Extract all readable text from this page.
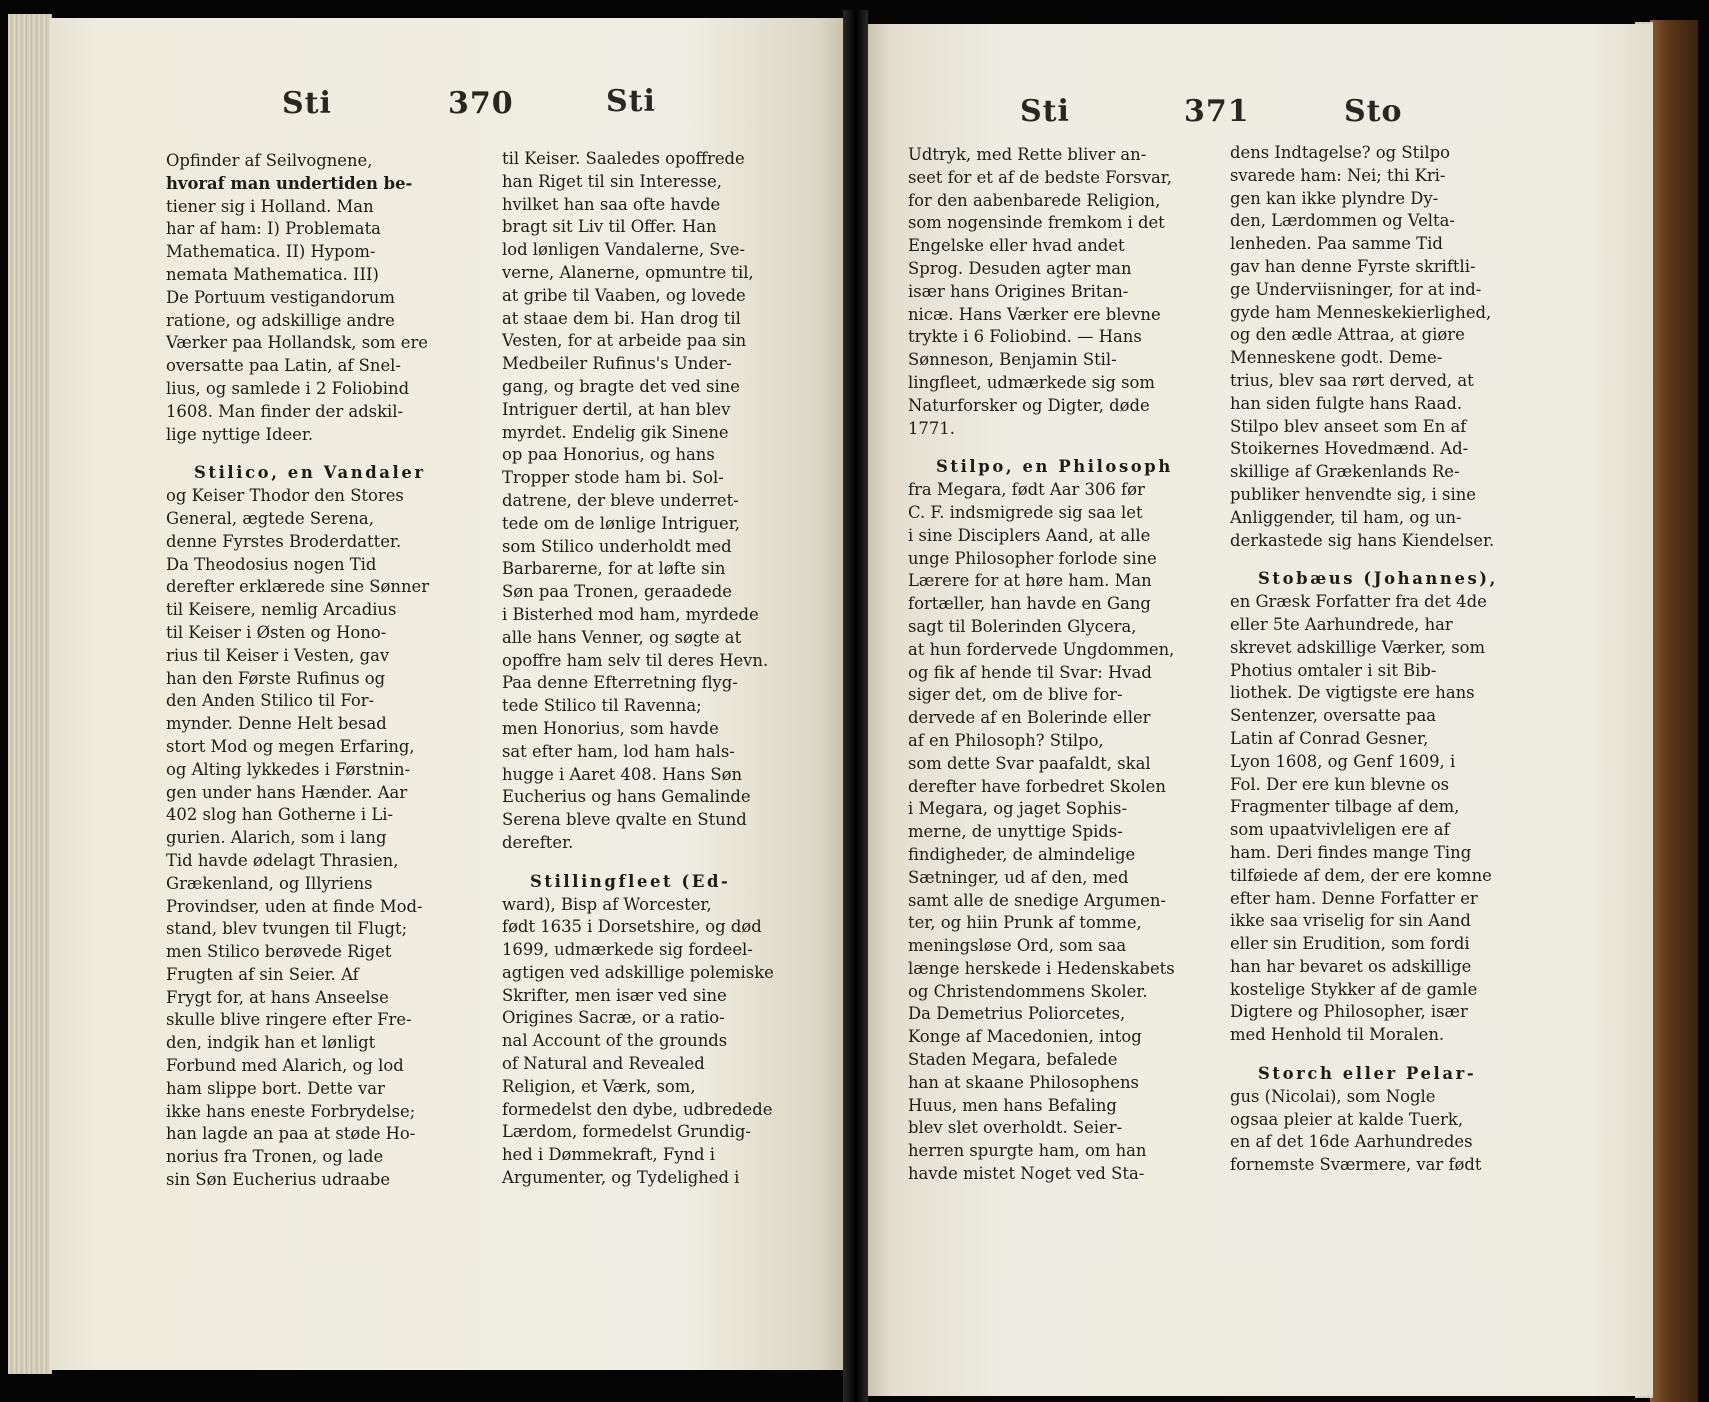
Sti	370	Sti
Opfinder af Seilvognene,
hvoraf man undertiden be-
tiener sig i Holland. Man
har af ham: I) Problemata
Mathematica. II) Hypom-
nemata Mathematica. III)
De Portuum vestigandorum
ratione, og adskillige andre
Værker paa Hollandsk, som ere
oversatte paa Latin, af Snel-
lius, og samlede i 2 Foliobind
1608. Man finder der adskil-
lige nyttige Ideer.
Stilico, en Vandaler
og Keiser Thodor den Stores
General, ægtede Serena,
denne Fyrstes Broderdatter.
Da Theodosius nogen Tid
derefter erklærede sine Sønner
til Keisere, nemlig Arcadius
til Keiser i Østen og Hono-
rius til Keiser i Vesten, gav
han den Første Rufinus og
den Anden Stilico til For-
mynder. Denne Helt besad
stort Mod og megen Erfaring,
og Alting lykkedes i Førstnin-
gen under hans Hænder. Aar
402 slog han Gotherne i Li-
gurien. Alarich, som i lang
Tid havde ødelagt Thrasien,
Grækenland, og Illyriens
Provindser, uden at finde Mod-
stand, blev tvungen til Flugt;
men Stilico berøvede Riget
Frugten af sin Seier. Af
Frygt for, at hans Anseelse
skulle blive ringere efter Fre-
den, indgik han et lønligt
Forbund med Alarich, og lod
ham slippe bort. Dette var
ikke hans eneste Forbrydelse;
han lagde an paa at støde Ho-
norius fra Tronen, og lade
sin Søn Eucherius udraabe
til Keiser. Saaledes opoffrede
han Riget til sin Interesse,
hvilket han saa ofte havde
bragt sit Liv til Offer. Han
lod lønligen Vandalerne, Sve-
verne, Alanerne, opmuntre til,
at gribe til Vaaben, og lovede
at staae dem bi. Han drog til
Vesten, for at arbeide paa sin
Medbeiler Rufinus's Under-
gang, og bragte det ved sine
Intriguer dertil, at han blev
myrdet. Endelig gik Sinene
op paa Honorius, og hans
Tropper stode ham bi. Sol-
datrene, der bleve underret-
tede om de lønlige Intriguer,
som Stilico underholdt med
Barbarerne, for at løfte sin
Søn paa Tronen, geraadede
i Bisterhed mod ham, myrdede
alle hans Venner, og søgte at
opoffre ham selv til deres Hevn.
Paa denne Efterretning flyg-
tede Stilico til Ravenna;
men Honorius, som havde
sat efter ham, lod ham hals-
hugge i Aaret 408. Hans Søn
Eucherius og hans Gemalinde
Serena bleve qvalte en Stund
derefter.
Stillingfleet (Ed-
ward), Bisp af Worcester,
født 1635 i Dorsetshire, og død
1699, udmærkede sig fordeel-
agtigen ved adskillige polemiske
Skrifter, men især ved sine
Origines Sacræ, or a ratio-
nal Account of the grounds
of Natural and Revealed
Religion, et Værk, som,
formedelst den dybe, udbredede
Lærdom, formedelst Grundig-
hed i Dømmekraft, Fynd i
Argumenter, og Tydelighed i
Sti	371	Sto
Udtryk, med Rette bliver an-
seet for et af de bedste Forsvar,
for den aabenbarede Religion,
som nogensinde fremkom i det
Engelske eller hvad andet
Sprog. Desuden agter man
især hans Origines Britan-
nicæ. Hans Værker ere blevne
trykte i 6 Foliobind. — Hans
Sønneson, Benjamin Stil-
lingfleet, udmærkede sig som
Naturforsker og Digter, døde
1771.
Stilpo, en Philosoph
fra Megara, født Aar 306 før
C. F. indsmigrede sig saa let
i sine Disciplers Aand, at alle
unge Philosopher forlode sine
Lærere for at høre ham. Man
fortæller, han havde en Gang
sagt til Bolerinden Glycera,
at hun fordervede Ungdommen,
og fik af hende til Svar: Hvad
siger det, om de blive for-
dervede af en Bolerinde eller
af en Philosoph? Stilpo,
som dette Svar paafaldt, skal
derefter have forbedret Skolen
i Megara, og jaget Sophis-
merne, de unyttige Spids-
findigheder, de almindelige
Sætninger, ud af den, med
samt alle de snedige Argumen-
ter, og hiin Prunk af tomme,
meningsløse Ord, som saa
længe herskede i Hedenskabets
og Christendommens Skoler.
Da Demetrius Poliorcetes,
Konge af Macedonien, intog
Staden Megara, befalede
han at skaane Philosophens
Huus, men hans Befaling
blev slet overholdt. Seier-
herren spurgte ham, om han
havde mistet Noget ved Sta-
dens Indtagelse? og Stilpo
svarede ham: Nei; thi Kri-
gen kan ikke plyndre Dy-
den, Lærdommen og Velta-
lenheden. Paa samme Tid
gav han denne Fyrste skriftli-
ge Underviisninger, for at ind-
gyde ham Menneskekierlighed,
og den ædle Attraa, at giøre
Menneskene godt. Deme-
trius, blev saa rørt derved, at
han siden fulgte hans Raad.
Stilpo blev anseet som En af
Stoikernes Hovedmænd. Ad-
skillige af Grækenlands Re-
publiker henvendte sig, i sine
Anliggender, til ham, og un-
derkastede sig hans Kiendelser.
Stobæus (Johannes),
en Græsk Forfatter fra det 4de
eller 5te Aarhundrede, har
skrevet adskillige Værker, som
Photius omtaler i sit Bib-
liothek. De vigtigste ere hans
Sentenzer, oversatte paa
Latin af Conrad Gesner,
Lyon 1608, og Genf 1609, i
Fol. Der ere kun blevne os
Fragmenter tilbage af dem,
som upaatvivleligen ere af
ham. Deri findes mange Ting
tilføiede af dem, der ere komne
efter ham. Denne Forfatter er
ikke saa vriselig for sin Aand
eller sin Erudition, som fordi
han har bevaret os adskillige
kostelige Stykker af de gamle
Digtere og Philosopher, især
med Henhold til Moralen.
Storch eller Pelar-
gus (Nicolai), som Nogle
ogsaa pleier at kalde Tuerk,
en af det 16de Aarhundredes
fornemste Sværmere, var født
